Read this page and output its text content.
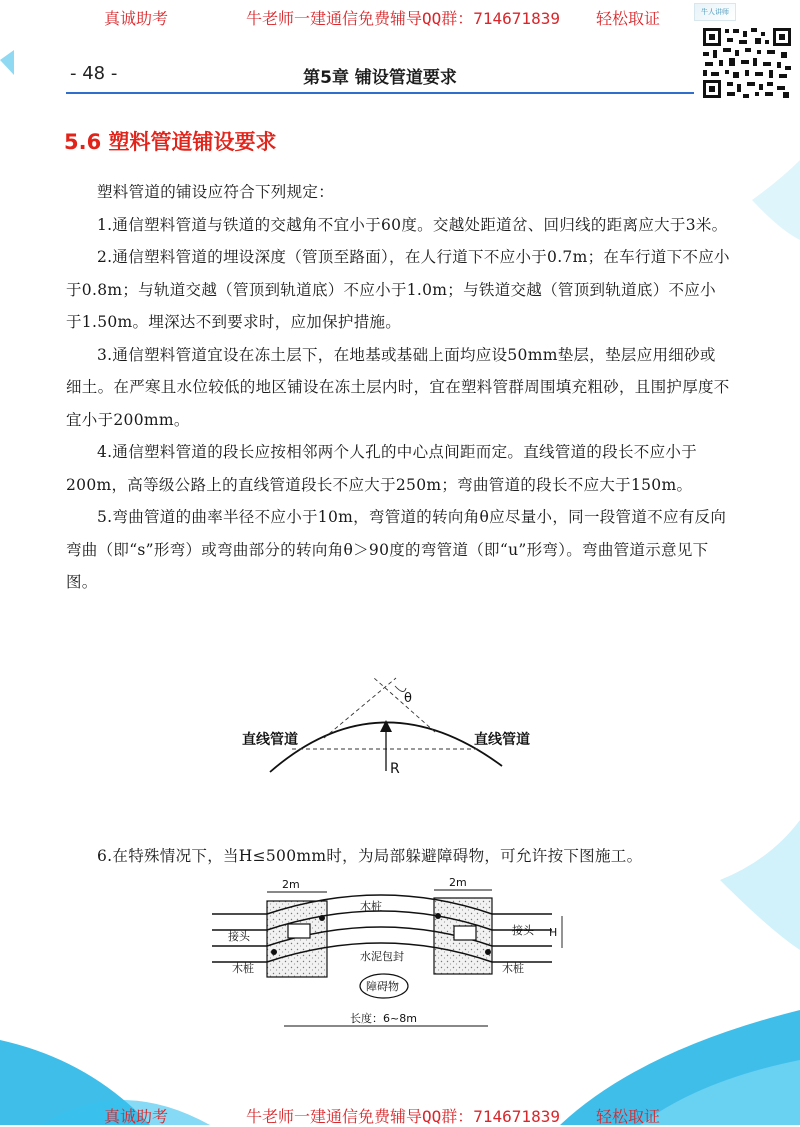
真诚助考	牛老师一建通信免费辅导QQ群：714671839 轻松取证	牛人讲师
- 48 -	第5章 铺设管道要求
5.6 塑料管道铺设要求

塑料管道的铺设应符合下列规定：

1.通信塑料管道与铁道的交越角不宜小于60度。交越处距道岔、回归线的距离应大于3米。

2.通信塑料管道的埋设深度（管顶至路面），在人行道下不应小于0.7m；在车行道下不应小于0.8m；与轨道交越（管顶到轨道底）不应小于1.0m；与铁道交越（管顶到轨道底）不应小于1.50m。埋深达不到要求时，应加保护措施。

3.通信塑料管道宜设在冻土层下，在地基或基础上面均应设50mm垫层，垫层应用细砂或细土。在严寒且水位较低的地区铺设在冻土层内时，宜在塑料管群周围填充粗砂，且围护厚度不宜小于200mm。

4.通信塑料管道的段长应按相邻两个人孔的中心点间距而定。直线管道的段长不应小于200m，高等级公路上的直线管道段长不应大于250m；弯曲管道的段长不应大于150m。

5.弯曲管道的曲率半径不应小于10m，弯管道的转向角θ应尽量小，同一段管道不应有反向弯曲（即“s”形弯）或弯曲部分的转向角θ＞90度的弯管道（即“u”形弯）。弯曲管道示意见下图。

θ
R
直线管道	直线管道

6.在特殊情况下，当H≤500mm时，为局部躲避障碍物，可允许按下图施工。

2m	2m
接头	接头
木桩
木桩	木桩
水泥包封
障碍物
H
长度：6~8m
真诚助考	牛老师一建通信免费辅导QQ群：714671839 轻松取证
